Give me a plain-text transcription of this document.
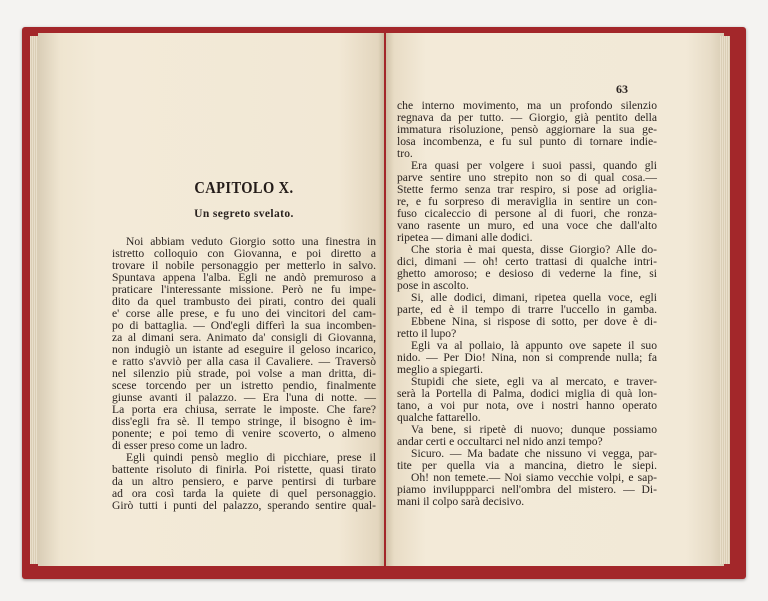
CAPITOLO X.
Un segreto svelato.
Noi abbiam veduto Giorgio sotto una finestra in
istretto colloquio con Giovanna, e poi diretto a
trovare il nobile personaggio per metterlo in salvo.
Spuntava appena l'alba. Egli ne andò premuroso a
praticare l'interessante missione. Però ne fu impe-
dito da quel trambusto dei pirati, contro dei quali
e' corse alle prese, e fu uno dei vincitori del cam-
po di battaglia. — Ond'egli differì la sua incomben-
za al dimani sera. Animato da' consigli di Giovanna,
non indugiò un istante ad eseguire il geloso incarico,
e ratto s'avviò per alla casa il Cavaliere. — Traversò
nel silenzio più strade, poi volse a man dritta, di-
scese torcendo per un istretto pendio, finalmente
giunse avanti il palazzo. — Era l'una di notte. —
La porta era chiusa, serrate le imposte. Che fare?
diss'egli fra sè. Il tempo stringe, il bisogno è im-
ponente; e poi temo di venire scoverto, o almeno
di esser preso come un ladro.
Egli quindi pensò meglio di picchiare, prese il
battente risoluto di finirla. Poi ristette, quasi tirato
da un altro pensiero, e parve pentirsi di turbare
ad ora così tarda la quiete di quel personaggio.
Girò tutti i punti del palazzo, sperando sentire qual-
63
che interno movimento, ma un profondo silenzio
regnava da per tutto. — Giorgio, già pentito della
immatura risoluzione, pensò aggiornare la sua ge-
losa incombenza, e fu sul punto di tornare indie-
tro.
Era quasi per volgere i suoi passi, quando gli
parve sentire uno strepito non so di qual cosa.—
Stette fermo senza trar respiro, si pose ad origlia-
re, e fu sorpreso di meraviglia in sentire un con-
fuso cicaleccio di persone al di fuori, che ronza-
vano rasente un muro, ed una voce che dall'alto
ripetea — dimani alle dodici.
Che storia è mai questa, disse Giorgio? Alle do-
dici, dimani — oh! certo trattasi di qualche intri-
ghetto amoroso; e desioso di vederne la fine, si
pose in ascolto.
Si, alle dodici, dimani, ripetea quella voce, egli
parte, ed è il tempo di trarre l'uccello in gamba.
Ebbene Nina, si rispose di sotto, per dove è di-
retto il lupo?
Egli va al pollaio, là appunto ove sapete il suo
nido. — Per Dio! Nina, non si comprende nulla; fa
meglio a spiegarti.
Stupidi che siete, egli va al mercato, e traver-
serà la Portella di Palma, dodici miglia di quà lon-
tano, a voi pur nota, ove i nostri hanno operato
qualche fattarello.
Va bene, si ripetè di nuovo; dunque possiamo
andar certi e occultarci nel nido anzi tempo?
Sicuro. — Ma badate che nissuno vi vegga, par-
tite per quella via a mancina, dietro le siepi.
Oh! non temete.— Noi siamo vecchie volpi, e sap-
piamo inviluppparci nell'ombra del mistero. — Di-
mani il colpo sarà decisivo.
